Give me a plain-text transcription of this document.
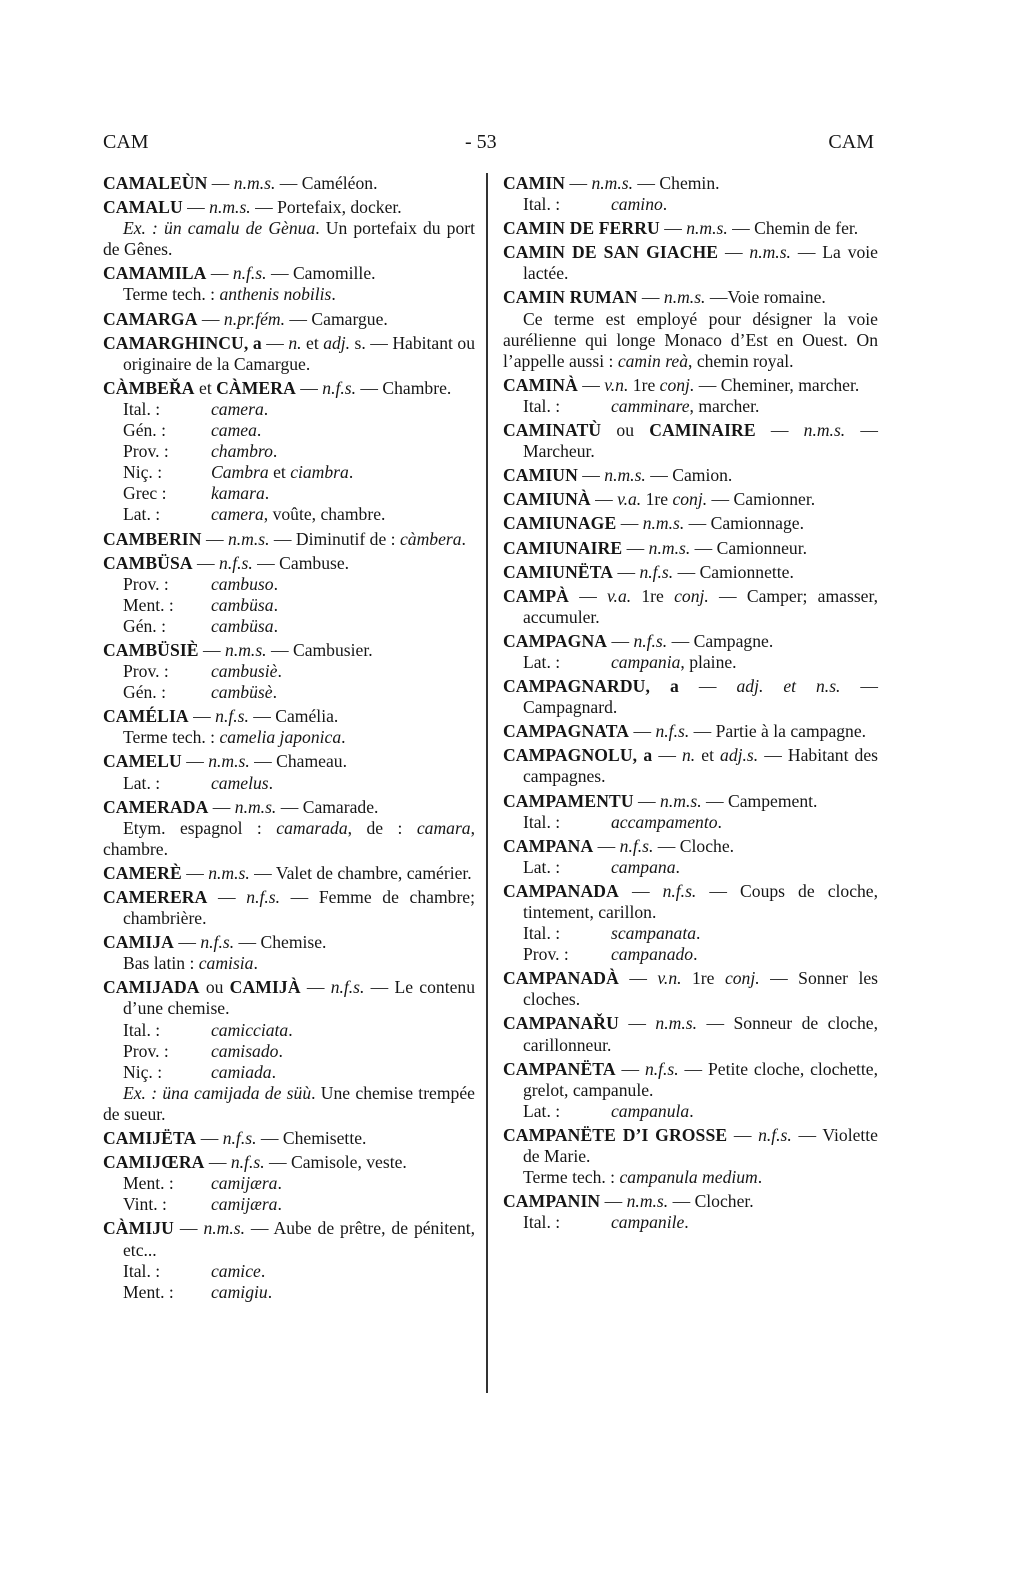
CAM	- 53	CAM
CAMALEÙN — n.m.s. — Caméléon.
CAMALU — n.m.s. — Portefaix, docker.
Ex. : ün camalu de Gènua. Un portefaix du port de Gênes.
CAMAMILA — n.f.s. — Camomille.
Terme tech. : anthenis nobilis.
CAMARGA — n.pr.fém. — Camargue.
CAMARGHINCU, a — n. et adj. s. — Habitant ou originaire de la Camargue.
CÀMBEŘA et CÀMERA — n.f.s. — Chambre.
Ital. :	camera.
Gén. :	camea.
Prov. : chambro.
Niç. :	Cambra et ciambra.
Grec :	kamara.
Lat. :	camera, voûte, chambre.
CAMBERIN — n.m.s. — Diminutif de : càmbera.
CAMBÜSA — n.f.s. — Cambuse.
Prov. : cambuso.
Ment. : cambüsa.
Gén. :	cambüsa.
CAMBÜSIÈ — n.m.s. — Cambusier.
Prov. : cambusiè.
Gén. :	cambüsè.
CAMÉLIA — n.f.s. — Camélia.
Terme tech. : camelia japonica.
CAMELU — n.m.s. — Chameau.
Lat. :	camelus.
CAMERADA — n.m.s. — Camarade.
Etym. espagnol : camarada, de : camara, chambre.
CAMERÈ — n.m.s. — Valet de chambre, camérier.
CAMERERA — n.f.s. — Femme de chambre; chambrière.
CAMIJA — n.f.s. — Chemise.
Bas latin : camisia.
CAMIJADA ou CAMIJÀ — n.f.s. — Le contenu d’une chemise.
Ital. :	camicciata.
Prov. : camisado.
Niç. :	camiada.
Ex. : üna camijada de süù. Une chemise trempée de sueur.
CAMIJËTA — n.f.s. — Chemisette.
CAMIJŒRA — n.f.s. — Camisole, veste.
Ment. : camijæra.
Vint. :	camijæra.
CÀMIJU — n.m.s. — Aube de prêtre, de pénitent, etc...
Ital. :	camice.
Ment. : camigiu.
CAMIN — n.m.s. — Chemin.
Ital. :	camino.
CAMIN DE FERRU — n.m.s. — Chemin de fer.
CAMIN DE SAN GIACHE — n.m.s. — La voie lactée.
CAMIN RUMAN — n.m.s. —Voie romaine.
Ce terme est employé pour désigner la voie aurélienne qui longe Monaco d’Est en Ouest. On l’appelle aussi : camin reà, chemin royal.
CAMINÀ — v.n. 1re conj. — Cheminer, marcher.
Ital. :	camminare, marcher.
CAMINATÙ ou CAMINAIRE — n.m.s. — Marcheur.
CAMIUN — n.m.s. — Camion.
CAMIUNÀ — v.a. 1re conj. — Camionner.
CAMIUNAGE — n.m.s. — Camionnage.
CAMIUNAIRE — n.m.s. — Camionneur.
CAMIUNËTA — n.f.s. — Camionnette.
CAMPÀ — v.a. 1re conj. — Camper; amasser, accumuler.
CAMPAGNA — n.f.s. — Campagne.
Lat. :	campania, plaine.
CAMPAGNARDU, a — adj. et n.s. — Campagnard.
CAMPAGNATA — n.f.s. — Partie à la campagne.
CAMPAGNOLU, a — n. et adj.s. — Habitant des campagnes.
CAMPAMENTU — n.m.s. — Campement.
Ital. :	accampamento.
CAMPANA — n.f.s. — Cloche.
Lat. :	campana.
CAMPANADA — n.f.s. — Coups de cloche, tintement, carillon.
Ital. :	scampanata.
Prov. : campanado.
CAMPANADÀ — v.n. 1re conj. — Sonner les cloches.
CAMPANAŘU — n.m.s. — Sonneur de cloche, carillonneur.
CAMPANËTA — n.f.s. — Petite cloche, clochette, grelot, campanule.
Lat. :	campanula.
CAMPANËTE D’I GROSSE — n.f.s. — Violette de Marie.
Terme tech. : campanula medium.
CAMPANIN — n.m.s. — Clocher.
Ital. :	campanile.
